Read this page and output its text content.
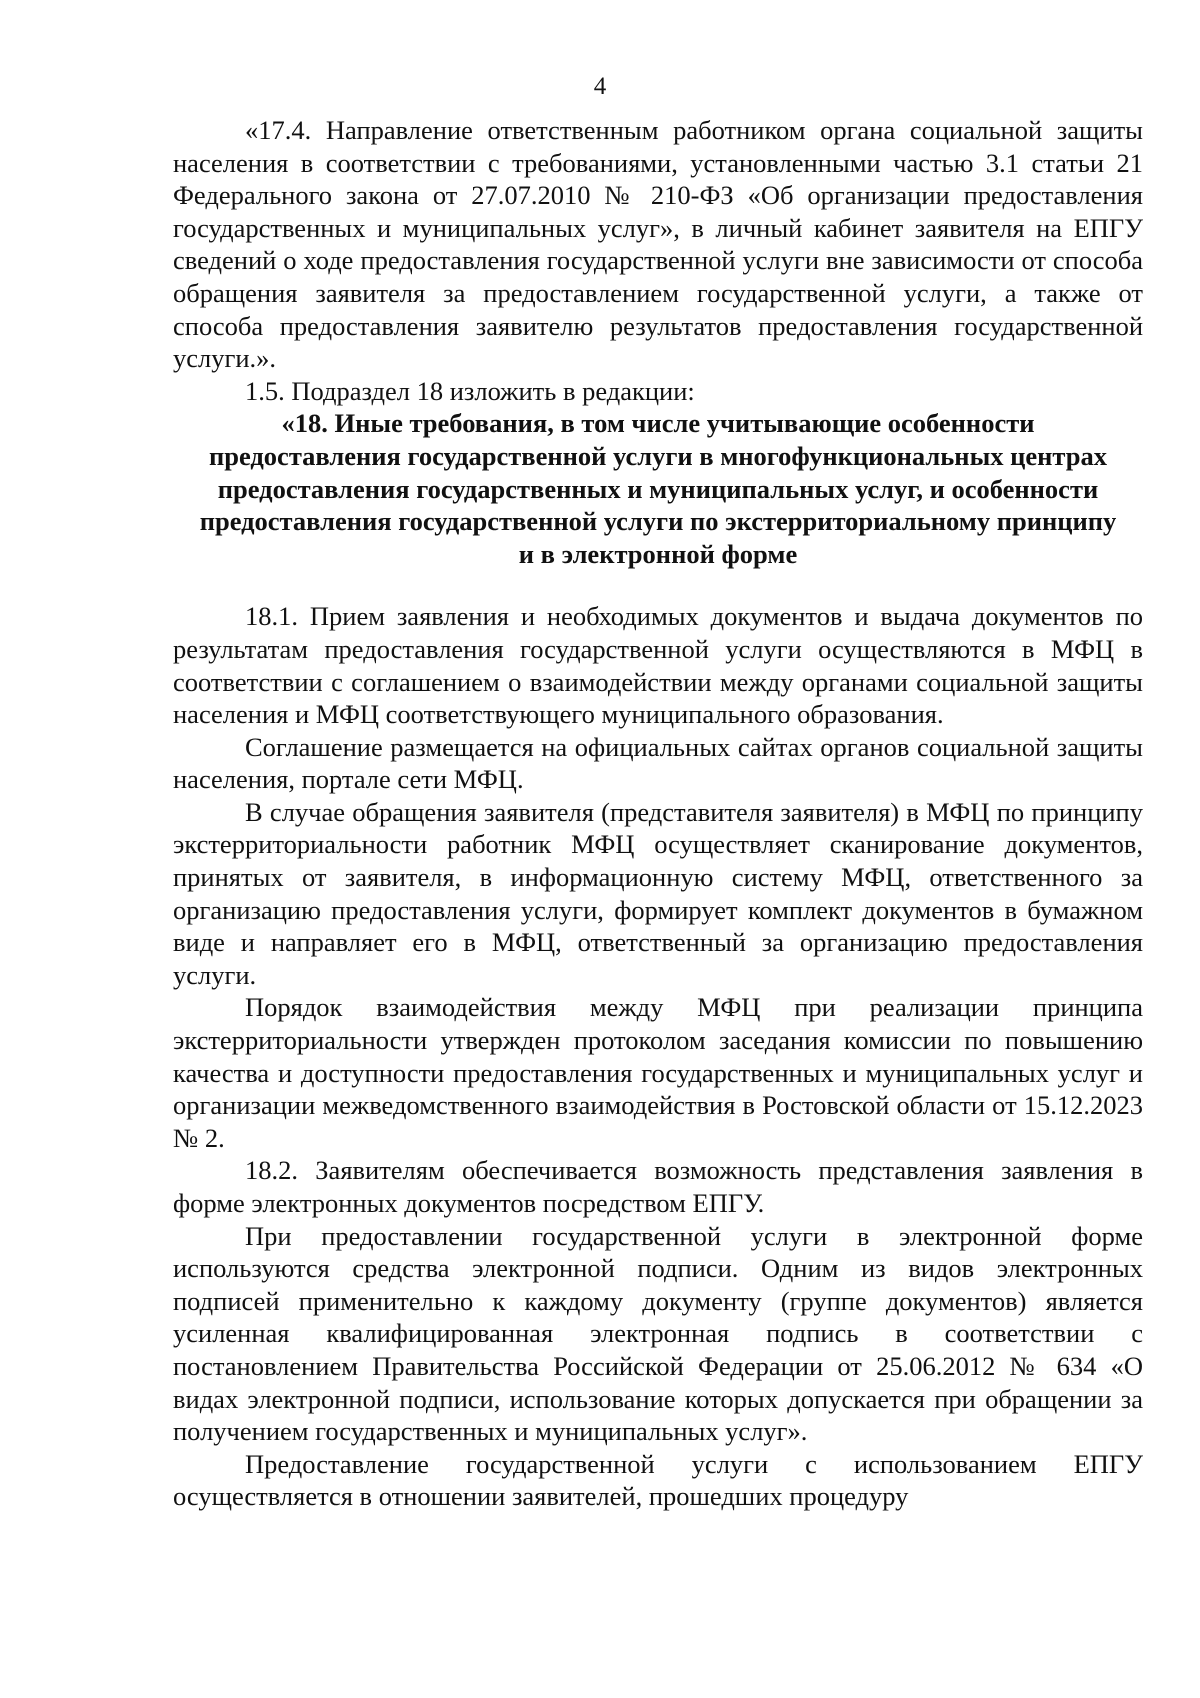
4

«17.4. Направление ответственным работником органа социальной защиты населения в соответствии с требованиями, установленными частью 3.1 статьи 21 Федерального закона от 27.07.2010 № 210-ФЗ «Об организации предоставления государственных и муниципальных услуг», в личный кабинет заявителя на ЕПГУ сведений о ходе предоставления государственной услуги вне зависимости от способа обращения заявителя за предоставлением государственной услуги, а также от способа предоставления заявителю результатов предоставления государственной услуги.».

1.5. Подраздел 18 изложить в редакции:

«18. Иные требования, в том числе учитывающие особенности предоставления государственной услуги в многофункциональных центрах предоставления государственных и муниципальных услуг, и особенности предоставления государственной услуги по экстерриториальному принципу и в электронной форме

18.1. Прием заявления и необходимых документов и выдача документов по результатам предоставления государственной услуги осуществляются в МФЦ в соответствии с соглашением о взаимодействии между органами социальной защиты населения и МФЦ соответствующего муниципального образования.

Соглашение размещается на официальных сайтах органов социальной защиты населения, портале сети МФЦ.

В случае обращения заявителя (представителя заявителя) в МФЦ по принципу экстерриториальности работник МФЦ осуществляет сканирование документов, принятых от заявителя, в информационную систему МФЦ, ответственного за организацию предоставления услуги, формирует комплект документов в бумажном виде и направляет его в МФЦ, ответственный за организацию предоставления услуги.

Порядок взаимодействия между МФЦ при реализации принципа экстерриториальности утвержден протоколом заседания комиссии по повышению качества и доступности предоставления государственных и муниципальных услуг и организации межведомственного взаимодействия в Ростовской области от 15.12.2023 № 2.

18.2. Заявителям обеспечивается возможность представления заявления в форме электронных документов посредством ЕПГУ.

При предоставлении государственной услуги в электронной форме используются средства электронной подписи. Одним из видов электронных подписей применительно к каждому документу (группе документов) является усиленная квалифицированная электронная подпись в соответствии с постановлением Правительства Российской Федерации от 25.06.2012 № 634 «О видах электронной подписи, использование которых допускается при обращении за получением государственных и муниципальных услуг».

Предоставление государственной услуги с использованием ЕПГУ осуществляется в отношении заявителей, прошедших процедуру
